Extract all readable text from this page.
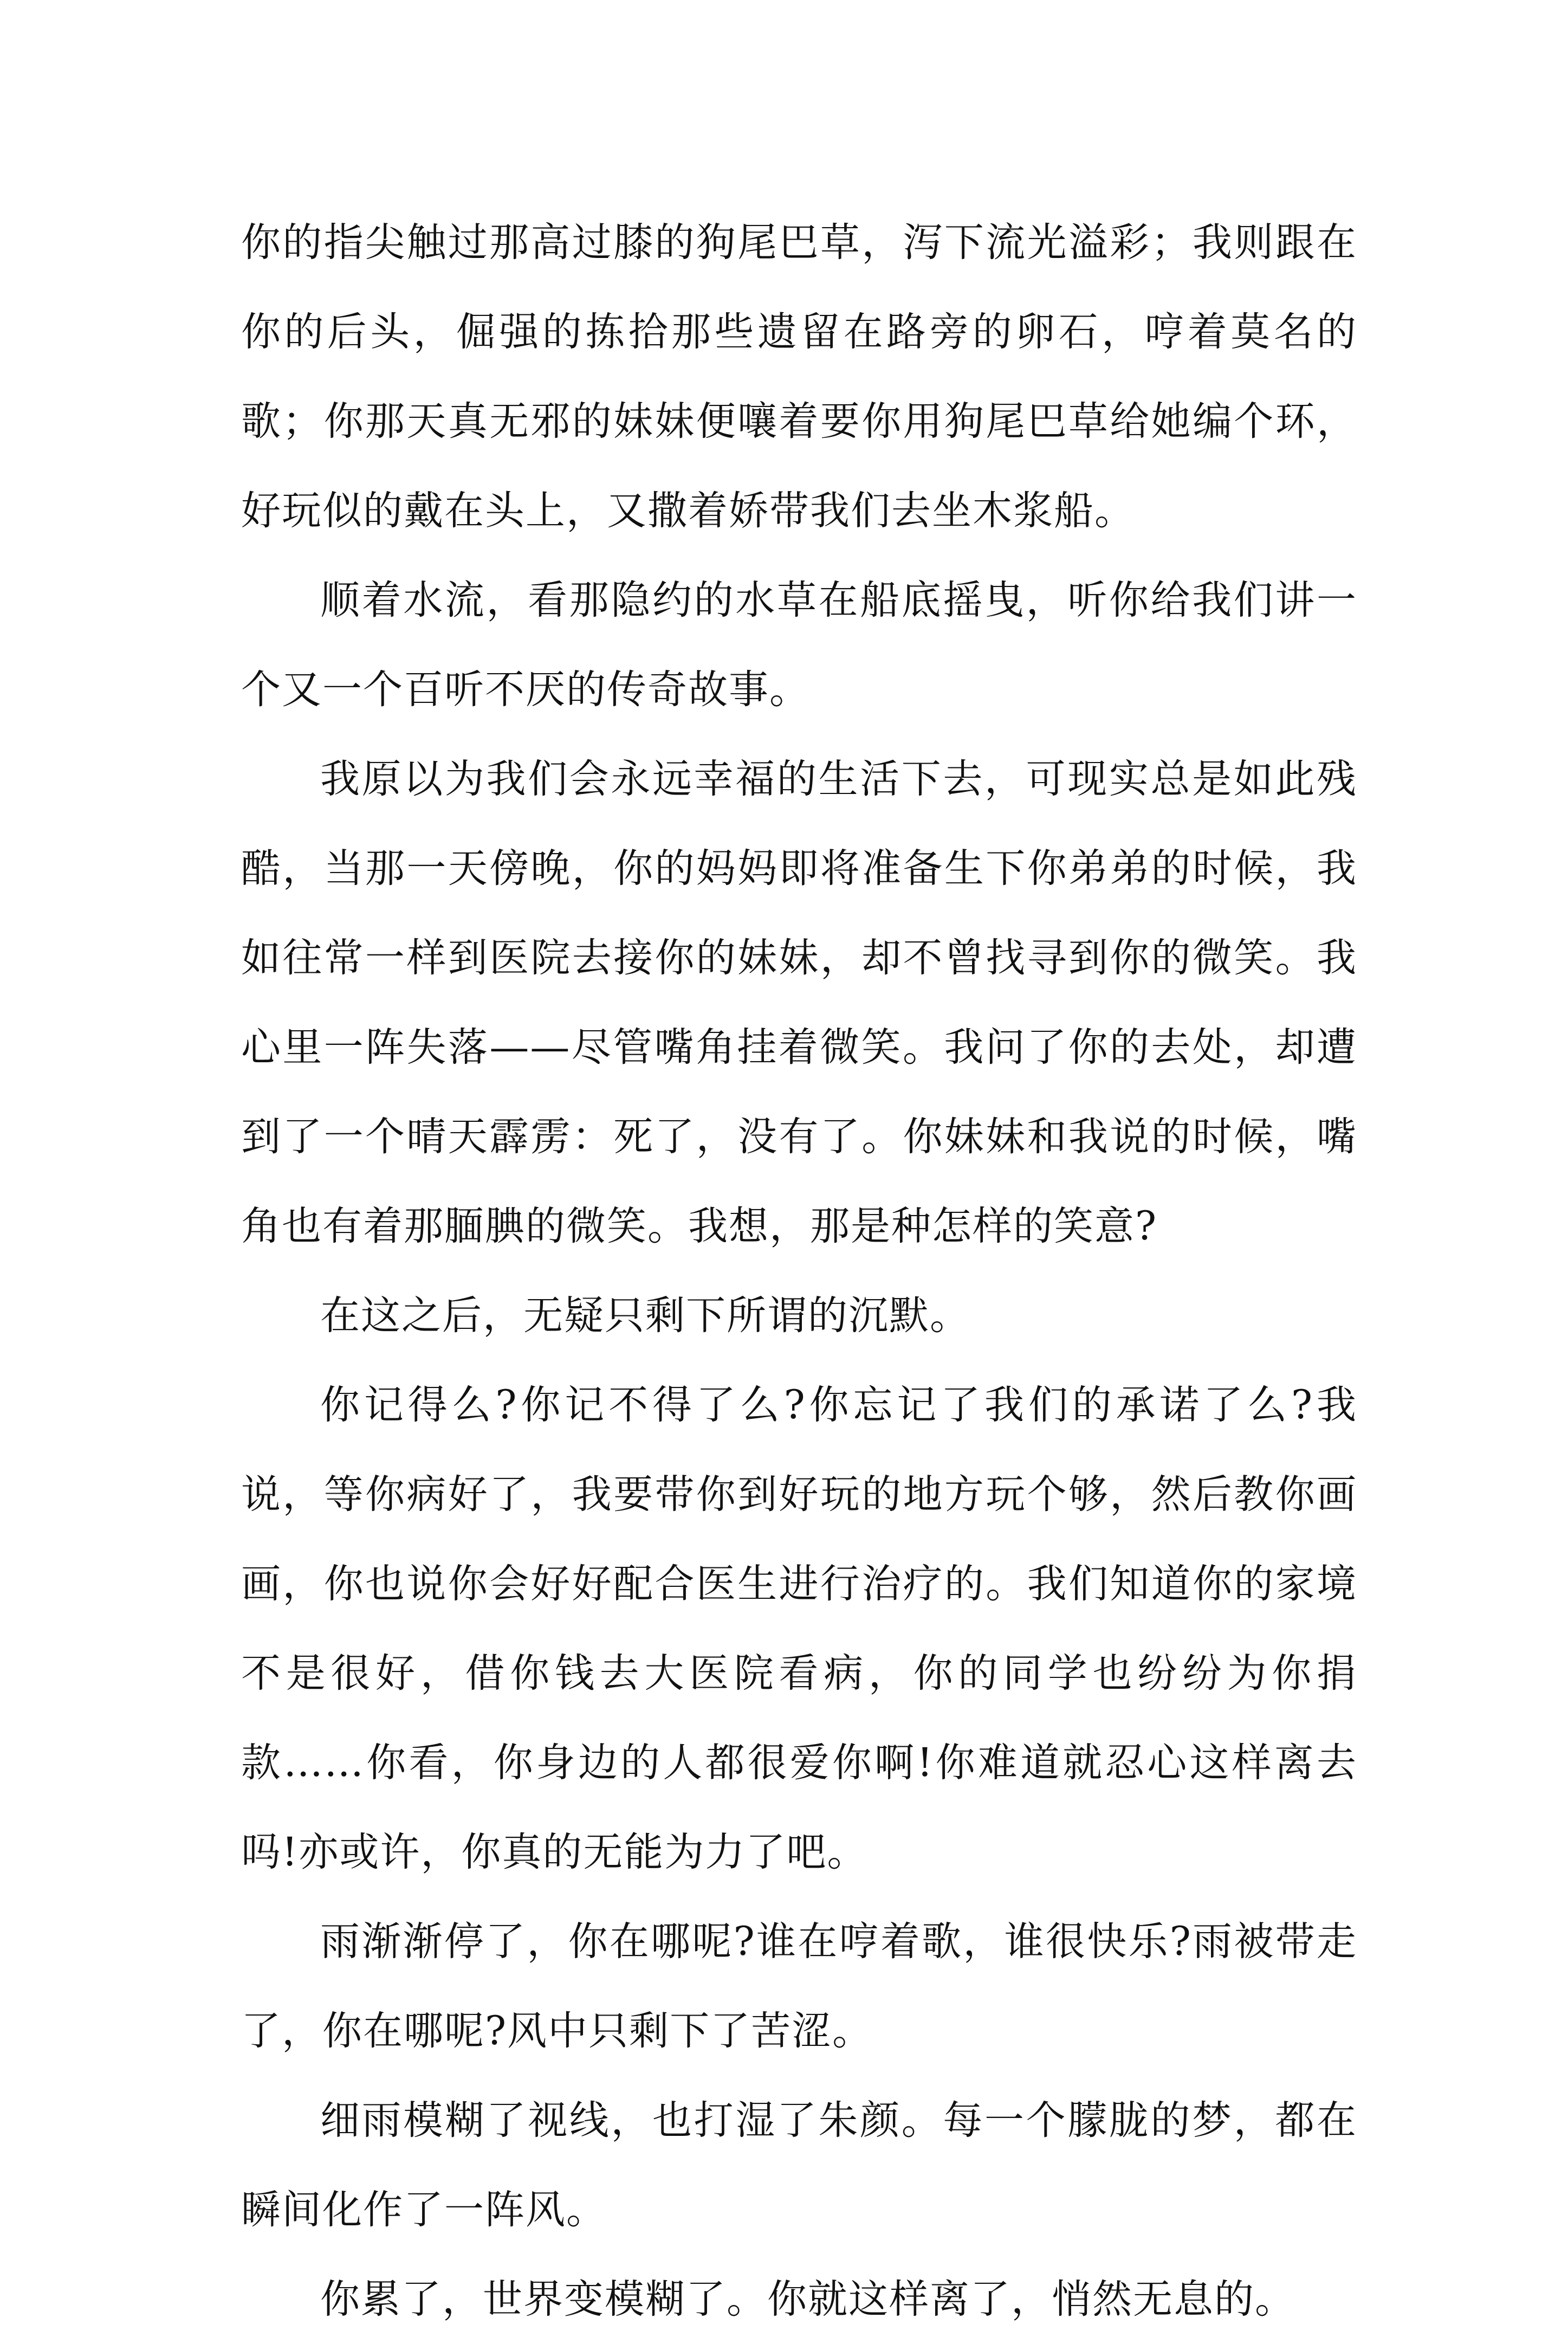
你的指尖触过那高过膝的狗尾巴草，泻下流光溢彩；我则跟在你的后头，倔强的拣拾那些遗留在路旁的卵石，哼着莫名的歌；你那天真无邪的妹妹便嚷着要你用狗尾巴草给她编个环，好玩似的戴在头上，又撒着娇带我们去坐木浆船。

顺着水流，看那隐约的水草在船底摇曳，听你给我们讲一个又一个百听不厌的传奇故事。

我原以为我们会永远幸福的生活下去，可现实总是如此残酷，当那一天傍晚，你的妈妈即将准备生下你弟弟的时候，我如往常一样到医院去接你的妹妹，却不曾找寻到你的微笑。我心里一阵失落——尽管嘴角挂着微笑。我问了你的去处，却遭到了一个晴天霹雳：死了，没有了。你妹妹和我说的时候，嘴角也有着那腼腆的微笑。我想，那是种怎样的笑意?

在这之后，无疑只剩下所谓的沉默。

你记得么?你记不得了么?你忘记了我们的承诺了么?我说，等你病好了，我要带你到好玩的地方玩个够，然后教你画画，你也说你会好好配合医生进行治疗的。我们知道你的家境不是很好，借你钱去大医院看病，你的同学也纷纷为你捐款……你看，你身边的人都很爱你啊!你难道就忍心这样离去吗!亦或许，你真的无能为力了吧。

雨渐渐停了，你在哪呢?谁在哼着歌，谁很快乐?雨被带走了，你在哪呢?风中只剩下了苦涩。

细雨模糊了视线，也打湿了朱颜。每一个朦胧的梦，都在瞬间化作了一阵风。

你累了，世界变模糊了。你就这样离了，悄然无息的。
